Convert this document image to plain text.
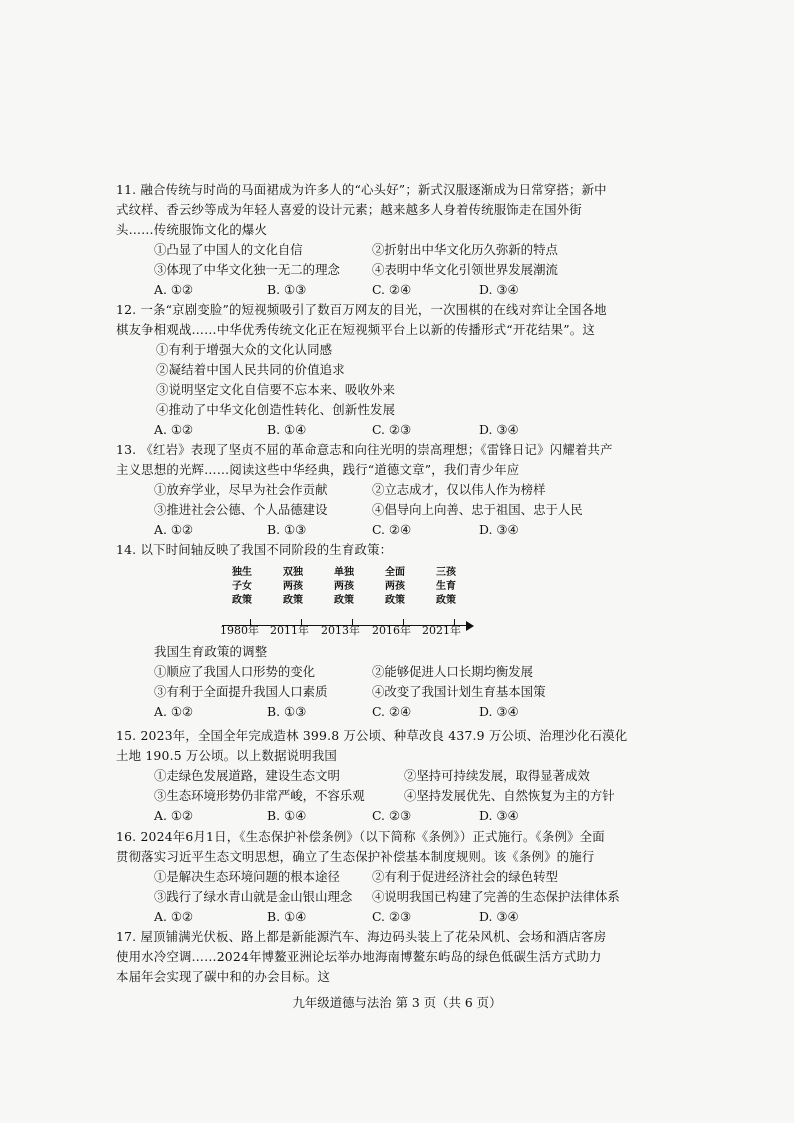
11. 融合传统与时尚的马面裙成为许多人的“心头好”；新式汉服逐渐成为日常穿搭；新中
式纹样、香云纱等成为年轻人喜爱的设计元素；越来越多人身着传统服饰走在国外街
头……传统服饰文化的爆火
①凸显了中国人的文化自信	②折射出中华文化历久弥新的特点
③体现了中华文化独一无二的理念	④表明中华文化引领世界发展潮流
A. ①②	B. ①③	C. ②④	D. ③④
12. 一条“京剧变脸”的短视频吸引了数百万网友的目光，一次围棋的在线对弈让全国各地
棋友争相观战……中华优秀传统文化正在短视频平台上以新的传播形式“开花结果”。这
①有利于增强大众的文化认同感
②凝结着中国人民共同的价值追求
③说明坚定文化自信要不忘本来、吸收外来
④推动了中华文化创造性转化、创新性发展
A. ①②	B. ①④	C. ②③	D. ③④
13. 《红岩》表现了坚贞不屈的革命意志和向往光明的崇高理想；《雷锋日记》闪耀着共产
主义思想的光辉……阅读这些中华经典，践行“道德文章”，我们青少年应
①放弃学业，尽早为社会作贡献	②立志成才，仅以伟人作为榜样
③推进社会公德、个人品德建设	④倡导向上向善、忠于祖国、忠于人民
A. ①②	B. ①③	C. ②④	D. ③④
14. 以下时间轴反映了我国不同阶段的生育政策：
独生
子女
政策
双独
两孩
政策
单独
两孩
政策
全面
两孩
政策
三孩
生育
政策
1980年 2011年 2013年 2016年 2021年
我国生育政策的调整
①顺应了我国人口形势的变化	②能够促进人口长期均衡发展
③有利于全面提升我国人口素质	④改变了我国计划生育基本国策
A. ①②	B. ①③	C. ②④	D. ③④
15. 2023年，全国全年完成造林 399.8 万公顷、种草改良 437.9 万公顷、治理沙化石漠化
土地 190.5 万公顷。以上数据说明我国
①走绿色发展道路，建设生态文明	②坚持可持续发展，取得显著成效
③生态环境形势仍非常严峻，不容乐观	④坚持发展优先、自然恢复为主的方针
A. ①②	B. ①④	C. ②③	D. ③④
16. 2024年6月1日，《生态保护补偿条例》（以下简称《条例》）正式施行。《条例》全面
贯彻落实习近平生态文明思想，确立了生态保护补偿基本制度规则。该《条例》的施行
①是解决生态环境问题的根本途径	②有利于促进经济社会的绿色转型
③践行了绿水青山就是金山银山理念 ④说明我国已构建了完善的生态保护法律体系
A. ①②	B. ①④	C. ②③	D. ③④
17. 屋顶铺满光伏板、路上都是新能源汽车、海边码头装上了花朵风机、会场和酒店客房
使用水冷空调……2024年博鳌亚洲论坛举办地海南博鳌东屿岛的绿色低碳生活方式助力
本届年会实现了碳中和的办会目标。这
九年级道德与法治 第 3 页（共 6 页）
